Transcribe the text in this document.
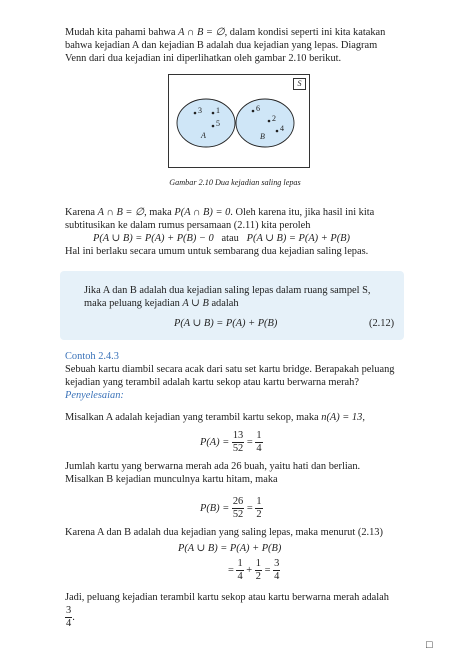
Mudah kita pahami bahwa A ∩ B = ∅, dalam kondisi seperti ini kita katakan
bahwa kejadian A dan kejadian B adalah dua kejadian yang lepas. Diagram
Venn dari dua kejadian ini diperlihatkan oleh gambar 2.10 berikut.
S
3 1
5
A
6
2
4
B
Gambar 2.10 Dua kejadian saling lepas
Karena A ∩ B = ∅, maka P(A ∩ B) = 0. Oleh karena itu, jika hasil ini kita
subtitusikan ke dalam rumus persamaan (2.11) kita peroleh
P(A ∪ B) = P(A) + P(B) − 0 atau P(A ∪ B) = P(A) + P(B)
Hal ini berlaku secara umum untuk sembarang dua kejadian saling lepas.
Jika A dan B adalah dua kejadian saling lepas dalam ruang sampel S,
maka peluang kejadian A ∪ B adalah
P(A ∪ B) = P(A) + P(B)	(2.12)
Contoh 2.4.3
Sebuah kartu diambil secara acak dari satu set kartu bridge. Berapakah peluang
kejadian yang terambil adalah kartu sekop atau kartu berwarna merah?
Penyelesaian:
Misalkan A adalah kejadian yang terambil kartu sekop, maka n(A) = 13,
$P(A) = \frac{13}{52} = \frac{1}{4}$
Jumlah kartu yang berwarna merah ada 26 buah, yaitu hati dan berlian.
Misalkan B kejadian munculnya kartu hitam, maka
$P(B) = \frac{26}{52} = \frac{1}{2}$
Karena A dan B adalah dua kejadian yang saling lepas, maka menurut (2.13)
P(A ∪ B) = P(A) + P(B)
= $\frac{1}{4} + \frac{1}{2} = \frac{3}{4}$
Jadi, peluang kejadian terambil kartu sekop atau kartu berwarna merah adalah
$\frac{3}{4}$ .
□
